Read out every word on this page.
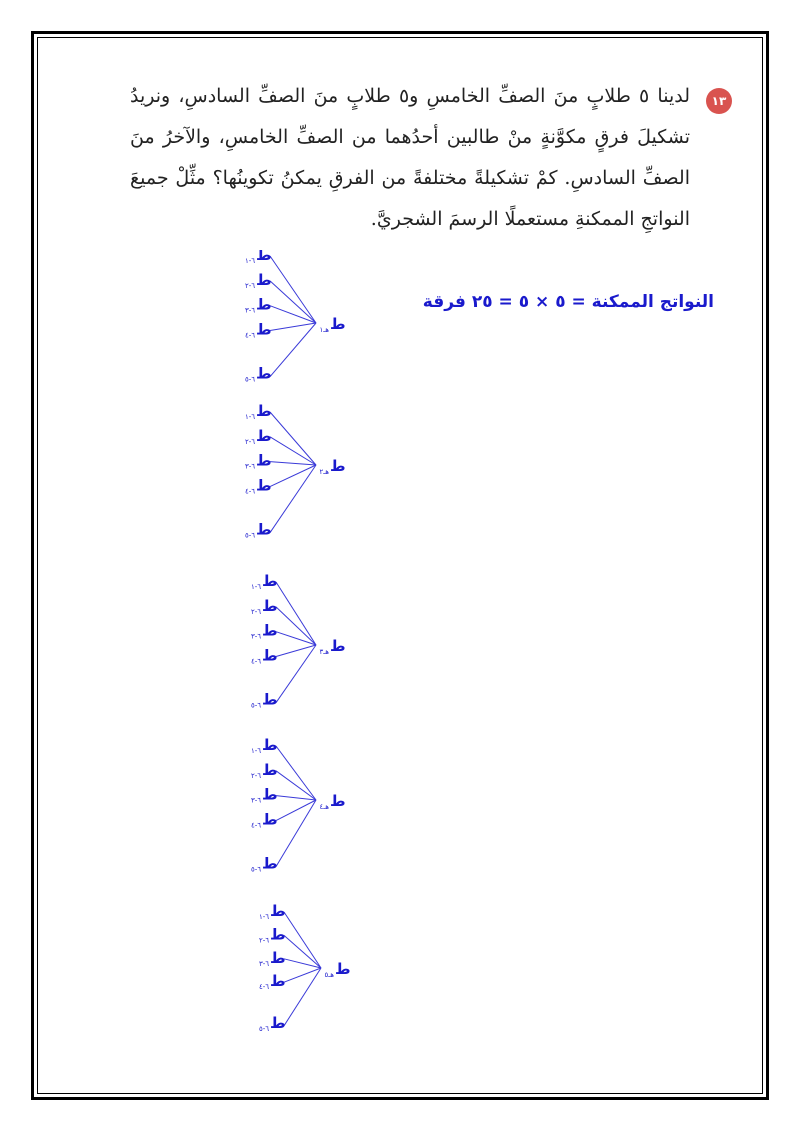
١٣
لدينا ٥ طلابٍ منَ الصفِّ الخامسِ و٥ طلابٍ منَ الصفِّ السادسِ، ونريدُ تشكيلَ فرقٍ مكوَّنةٍ منْ طالبين أحدُهما من الصفِّ الخامسِ، والآخرُ منَ الصفِّ السادسِ. كمْ تشكيلةً مختلفةً من الفرقِ يمكنُ تكوينُها؟ مثِّلْ جميعَ النواتجِ الممكنةِ مستعملًا الرسمَ الشجريَّ.
النواتج الممكنة = ٥ × ٥ = ٢٥ فرقة
ط
٦-١
ط
٦-٢
ط
٦-٣
ط
٦-٤
ط
٦-٥
ط
هـ١
ط
٦-١
ط
٦-٢
ط
٦-٣
ط
٦-٤
ط
٦-٥
ط
هـ٢
ط
٦-١
ط
٦-٢
ط
٦-٣
ط
٦-٤
ط
٦-٥
ط
هـ٣
ط
٦-١
ط
٦-٢
ط
٦-٣
ط
٦-٤
ط
٦-٥
ط
هـ٤
ط
٦-١
ط
٦-٢
ط
٦-٣
ط
٦-٤
ط
٦-٥
ط
هـ٥
